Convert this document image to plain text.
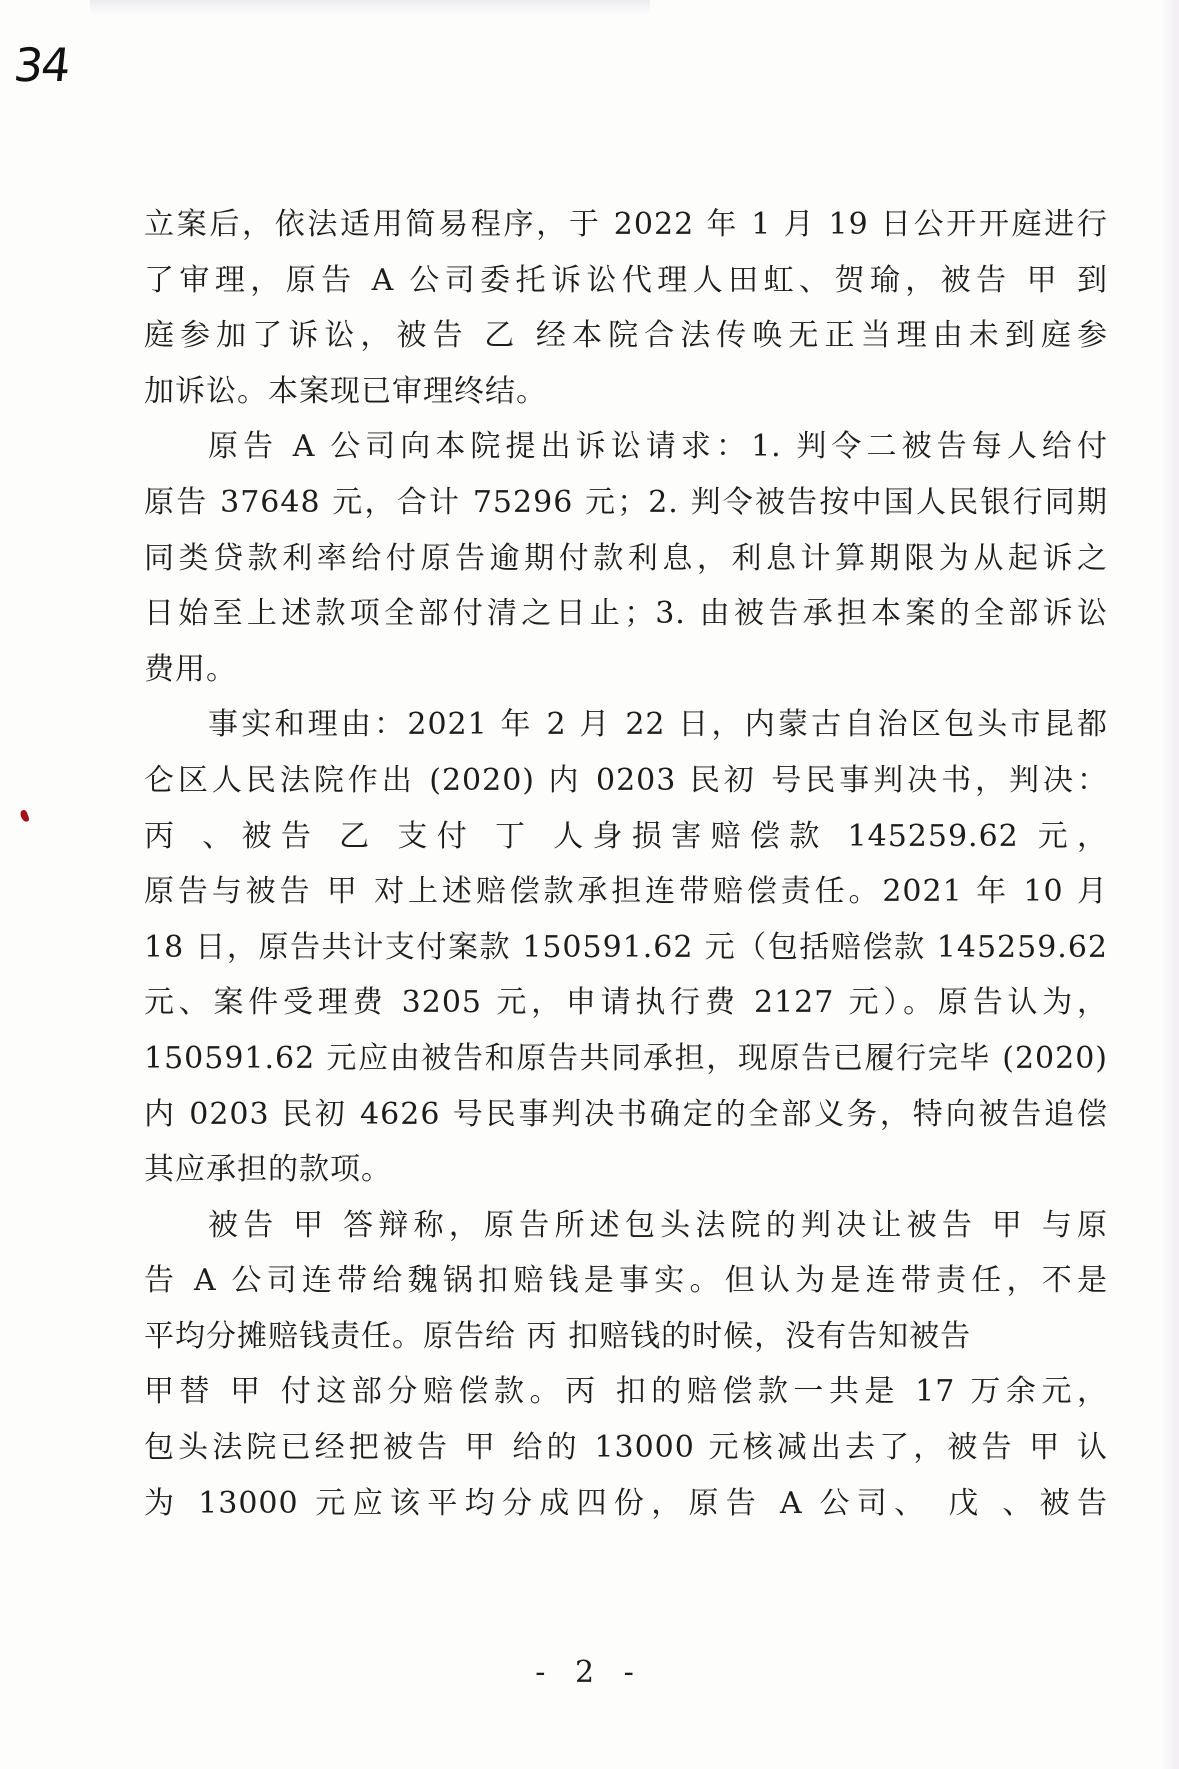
34
立案后，依法适用简易程序，于 2022 年 1 月 19 日公开开庭进行
了审理，原告 A 公司委托诉讼代理人田虹、贺瑜，被告 甲 到
庭参加了诉讼，被告 乙 经本院合法传唤无正当理由未到庭参
加诉讼。本案现已审理终结。
原告 A 公司向本院提出诉讼请求：1. 判令二被告每人给付
原告 37648 元，合计 75296 元；2. 判令被告按中国人民银行同期
同类贷款利率给付原告逾期付款利息，利息计算期限为从起诉之
日始至上述款项全部付清之日止；3. 由被告承担本案的全部诉讼
费用。
事实和理由：2021 年 2 月 22 日，内蒙古自治区包头市昆都
仑区人民法院作出 (2020) 内 0203 民初 号民事判决书，判决：
丙 、被告 乙 支付 丁 人身损害赔偿款 145259.62 元，
原告与被告 甲 对上述赔偿款承担连带赔偿责任。2021 年 10 月
18 日，原告共计支付案款 150591.62 元（包括赔偿款 145259.62
元、案件受理费 3205 元，申请执行费 2127 元）。原告认为，
150591.62 元应由被告和原告共同承担，现原告已履行完毕 (2020)
内 0203 民初 4626 号民事判决书确定的全部义务，特向被告追偿
其应承担的款项。
被告 甲 答辩称，原告所述包头法院的判决让被告 甲 与原
告 A 公司连带给魏锅扣赔钱是事实。但认为是连带责任，不是
平均分摊赔钱责任。原告给 丙 扣赔钱的时候，没有告知被告
甲替 甲 付这部分赔偿款。丙 扣的赔偿款一共是 17 万余元，
包头法院已经把被告 甲 给的 13000 元核减出去了，被告 甲 认
为 13000 元应该平均分成四份，原告 A 公司、 戊 、被告
- 2 -
